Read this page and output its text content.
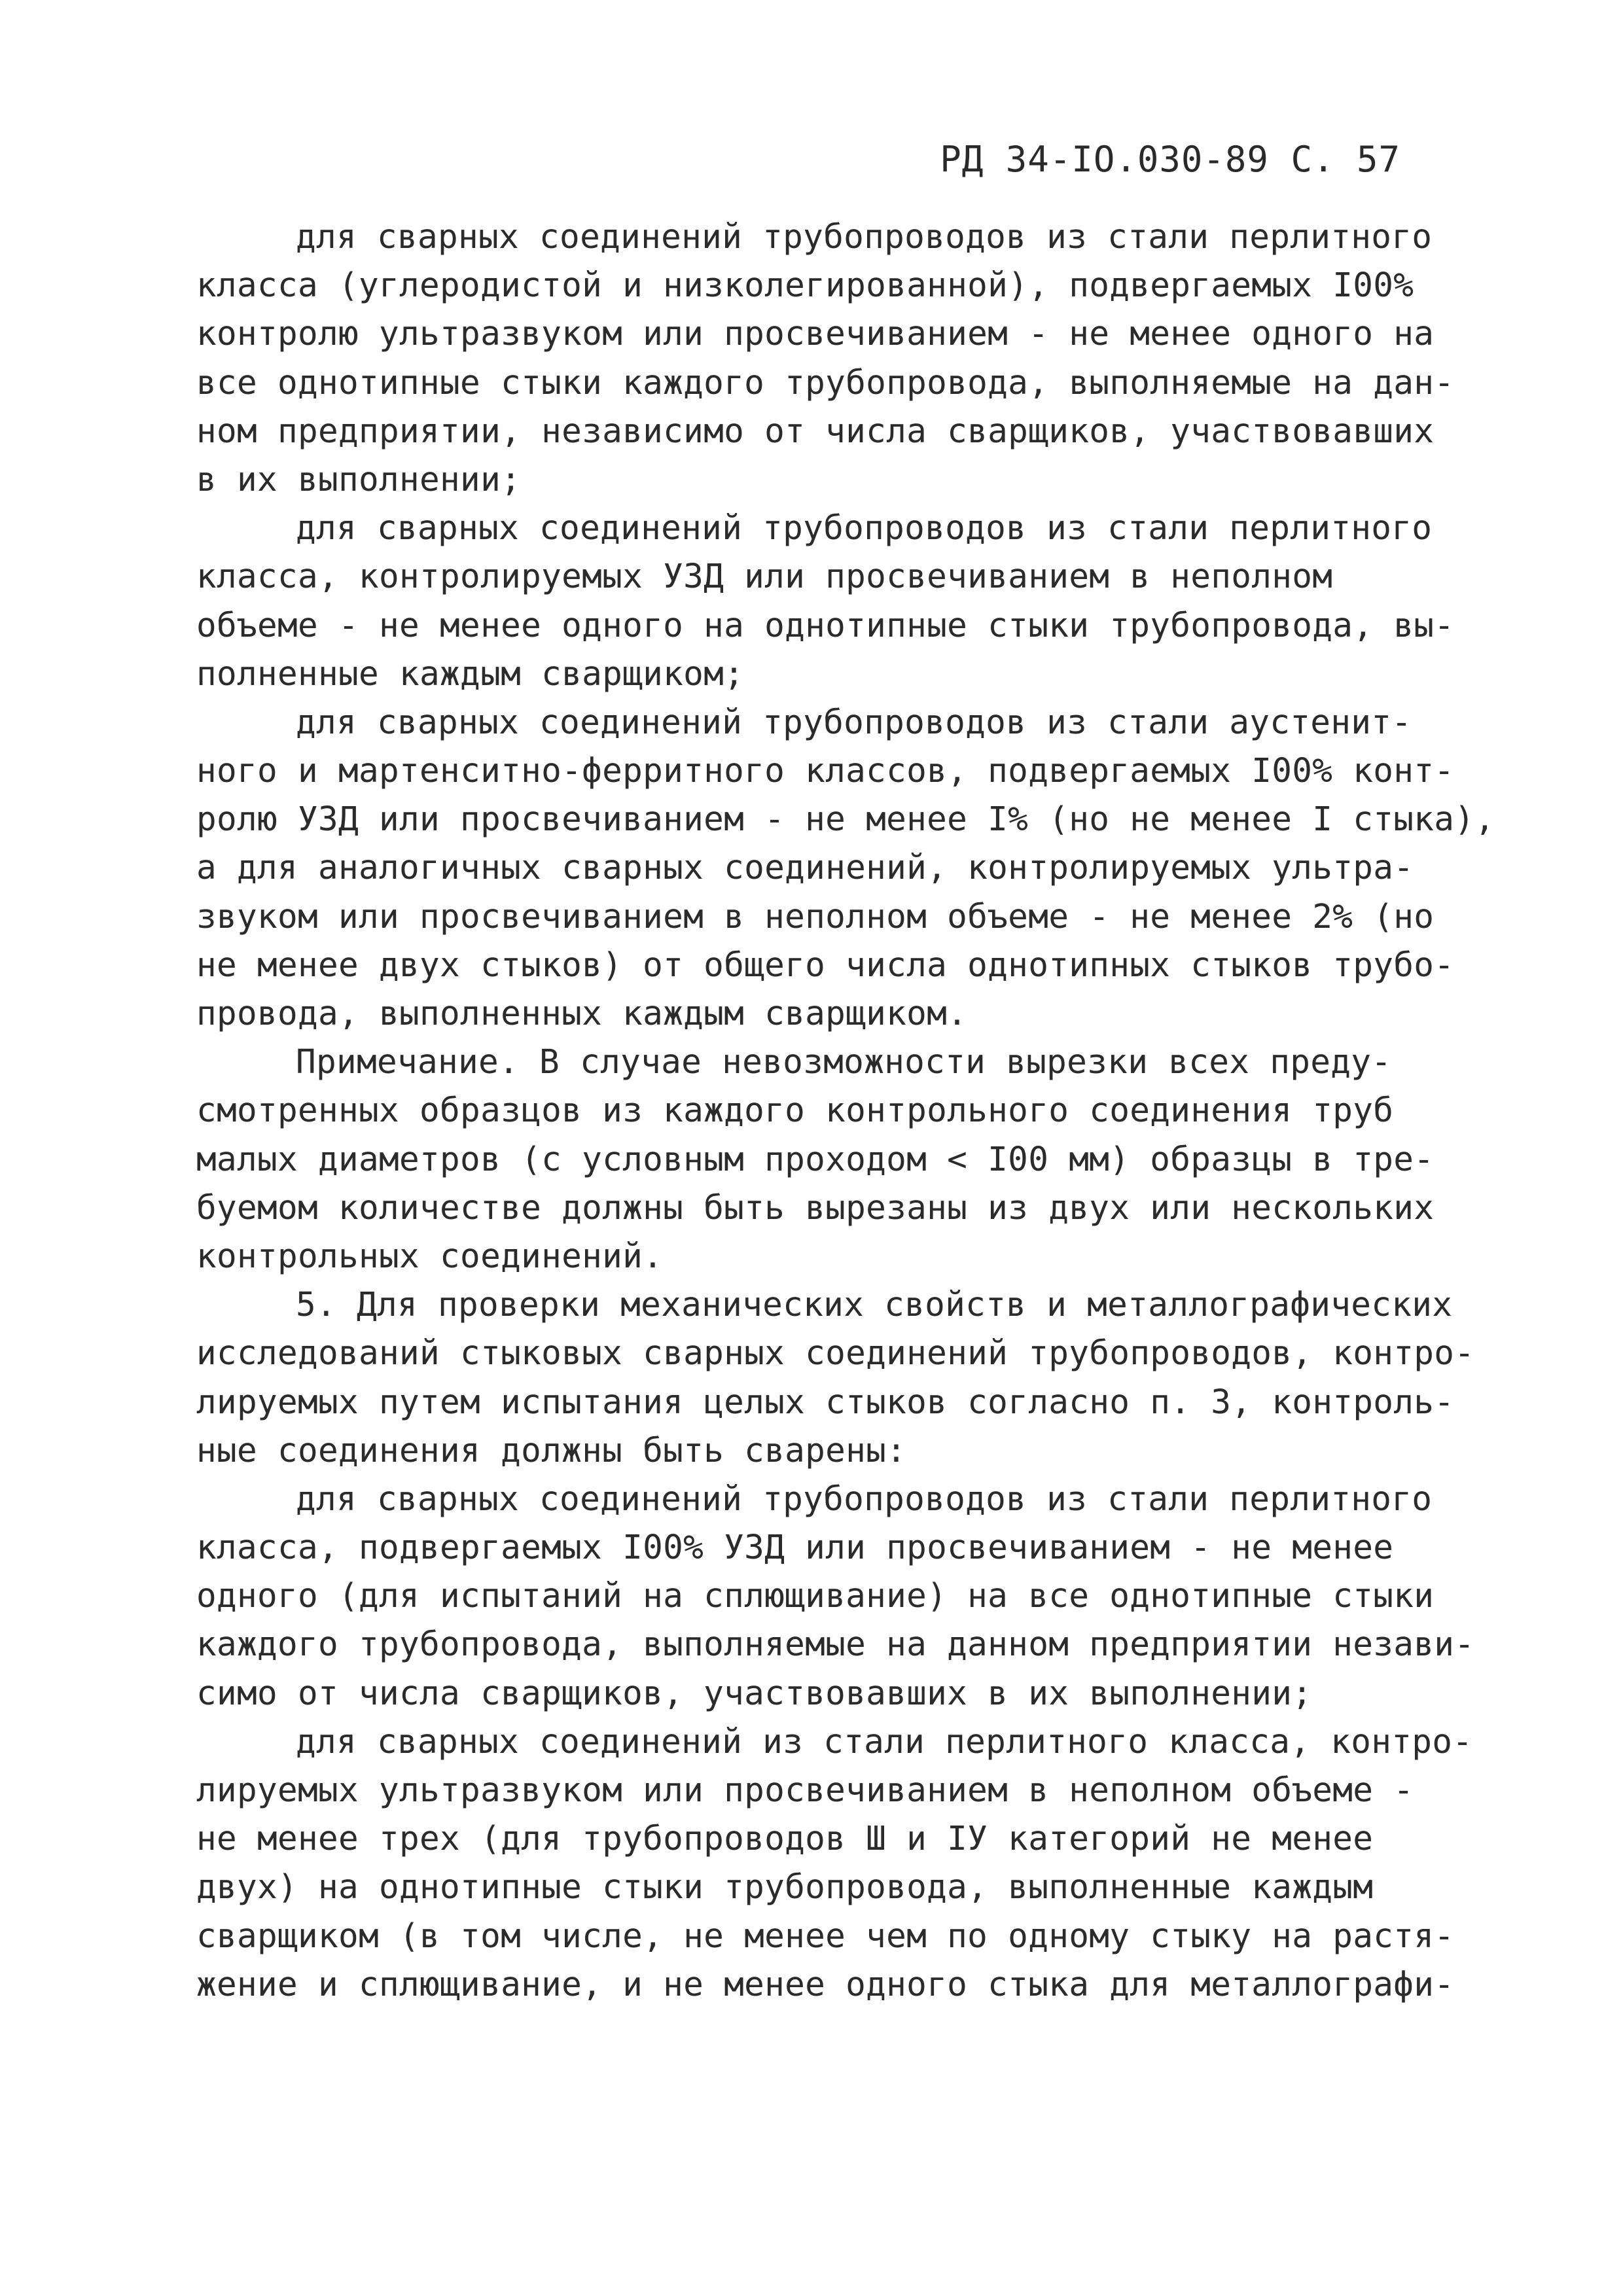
РД 34-IO.030-89 С. 57
для сварных соединений трубопроводов из стали перлитного
класса (углеродистой и низколегированной), подвергаемых I00%
контролю ультразвуком или просвечиванием - не менее одного на
все однотипные стыки каждого трубопровода, выполняемые на дан-
ном предприятии, независимо от числа сварщиков, участвовавших
в их выполнении;
для сварных соединений трубопроводов из стали перлитного
класса, контролируемых УЗД или просвечиванием в неполном
объеме - не менее одного на однотипные стыки трубопровода, вы-
полненные каждым сварщиком;
для сварных соединений трубопроводов из стали аустенит-
ного и мартенситно-ферритного классов, подвергаемых I00% конт-
ролю УЗД или просвечиванием - не менее I% (но не менее I стыка),
а для аналогичных сварных соединений, контролируемых ультра-
звуком или просвечиванием в неполном объеме - не менее 2% (но
не менее двух стыков) от общего числа однотипных стыков трубо-
провода, выполненных каждым сварщиком.
Примечание. В случае невозможности вырезки всех преду-
смотренных образцов из каждого контрольного соединения труб
малых диаметров (с условным проходом < I00 мм) образцы в тре-
буемом количестве должны быть вырезаны из двух или нескольких
контрольных соединений.
5. Для проверки механических свойств и металлографических
исследований стыковых сварных соединений трубопроводов, контро-
лируемых путем испытания целых стыков согласно п. 3, контроль-
ные соединения должны быть сварены:
для сварных соединений трубопроводов из стали перлитного
класса, подвергаемых I00% УЗД или просвечиванием - не менее
одного (для испытаний на сплющивание) на все однотипные стыки
каждого трубопровода, выполняемые на данном предприятии незави-
симо от числа сварщиков, участвовавших в их выполнении;
для сварных соединений из стали перлитного класса, контро-
лируемых ультразвуком или просвечиванием в неполном объеме -
не менее трех (для трубопроводов Ш и IУ категорий не менее
двух) на однотипные стыки трубопровода, выполненные каждым
сварщиком (в том числе, не менее чем по одному стыку на растя-
жение и сплющивание, и не менее одного стыка для металлографи-
